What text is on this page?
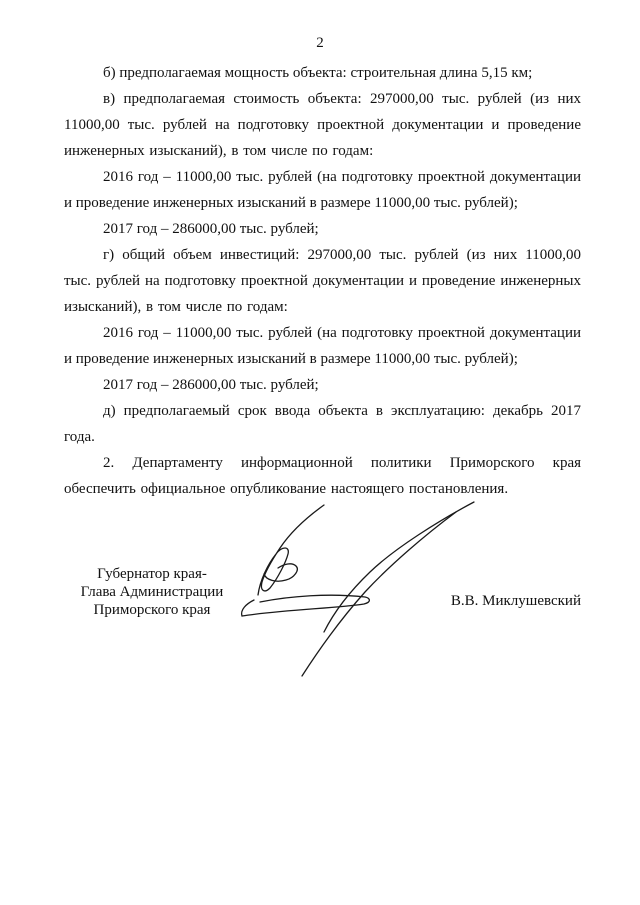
2

б) предполагаемая мощность объекта: строительная длина 5,15 км;

в) предполагаемая стоимость объекта: 297000,00 тыс. рублей (из них 11000,00 тыс. рублей на подготовку проектной документации и проведение инженерных изысканий), в том числе по годам:

2016 год – 11000,00 тыс. рублей (на подготовку проектной документации и проведение инженерных изысканий в размере 11000,00 тыс. рублей);

2017 год – 286000,00 тыс. рублей;

г) общий объем инвестиций: 297000,00 тыс. рублей (из них 11000,00 тыс. рублей на подготовку проектной документации и проведение инженерных изысканий), в том числе по годам:

2016 год – 11000,00 тыс. рублей (на подготовку проектной документации и проведение инженерных изысканий в размере 11000,00 тыс. рублей);

2017 год – 286000,00 тыс. рублей;

д) предполагаемый срок ввода объекта в эксплуатацию: декабрь 2017 года.

2. Департаменту информационной политики Приморского края обеспечить официальное опубликование настоящего постановления.

Губернатор края-
Глава Администрации
Приморского края
В.В. Миклушевский
